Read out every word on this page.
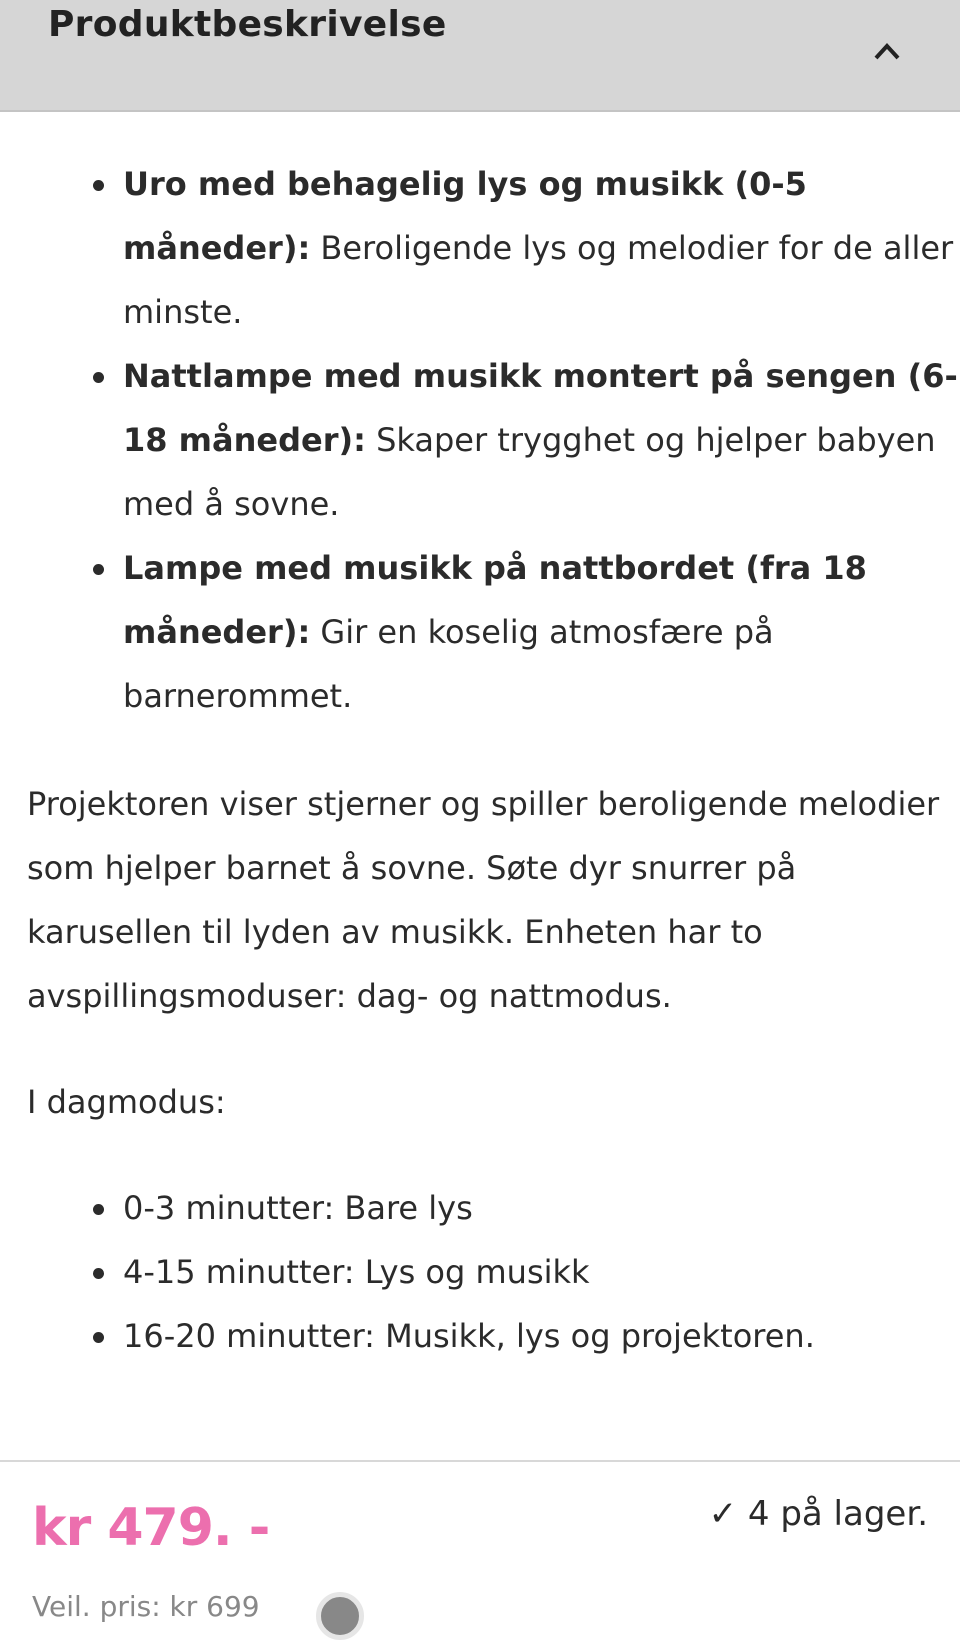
Produktbeskrivelse
Uro med behagelig lys og musikk (0-5 måneder): Beroligende lys og melodier for de aller minste.
Nattlampe med musikk montert på sengen (6-18 måneder): Skaper trygghet og hjelper babyen med å sovne.
Lampe med musikk på nattbordet (fra 18 måneder): Gir en koselig atmosfære på barnerommet.

Projektoren viser stjerner og spiller beroligende melodier som hjelper barnet å sovne. Søte dyr snurrer på karusellen til lyden av musikk. Enheten har to avspillingsmoduser: dag- og nattmodus.

I dagmodus:

0-3 minutter: Bare lys
4-15 minutter: Lys og musikk
16-20 minutter: Musikk, lys og projektoren.
kr 479. -	✓ 4 på lager.
Veil. pris: kr 699
